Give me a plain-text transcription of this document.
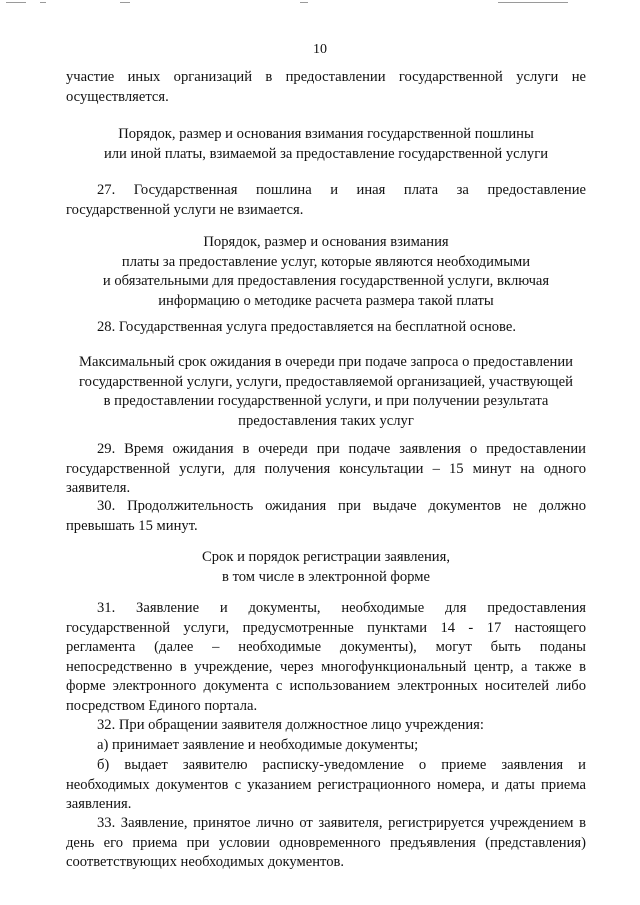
10
участие иных организаций в предоставлении государственной услуги не
осуществляется.
Порядок, размер и основания взимания государственной пошлины
или иной платы, взимаемой за предоставление государственной услуги
27. Государственная пошлина и иная плата за предоставление
государственной услуги не взимается.
Порядок, размер и основания взимания
платы за предоставление услуг, которые являются необходимыми
и обязательными для предоставления государственной услуги, включая
информацию о методике расчета размера такой платы
28. Государственная услуга предоставляется на бесплатной основе.
Максимальный срок ожидания в очереди при подаче запроса о предоставлении
государственной услуги, услуги, предоставляемой организацией, участвующей
в предоставлении государственной услуги, и при получении результата
предоставления таких услуг
29. Время ожидания в очереди при подаче заявления о предоставлении
государственной услуги, для получения консультации – 15 минут на одного
заявителя.
30. Продолжительность ожидания при выдаче документов не должно
превышать 15 минут.
Срок и порядок регистрации заявления,
в том числе в электронной форме
31. Заявление и документы, необходимые для предоставления
государственной услуги, предусмотренные пунктами 14 - 17 настоящего
регламента (далее – необходимые документы), могут быть поданы
непосредственно в учреждение, через многофункциональный центр, а также в
форме электронного документа с использованием электронных носителей либо
посредством Единого портала.
32. При обращении заявителя должностное лицо учреждения:
а) принимает заявление и необходимые документы;
б) выдает заявителю расписку-уведомление о приеме заявления и
необходимых документов с указанием регистрационного номера, и даты приема
заявления.
33. Заявление, принятое лично от заявителя, регистрируется учреждением в
день его приема при условии одновременного предъявления (представления)
соответствующих необходимых документов.
